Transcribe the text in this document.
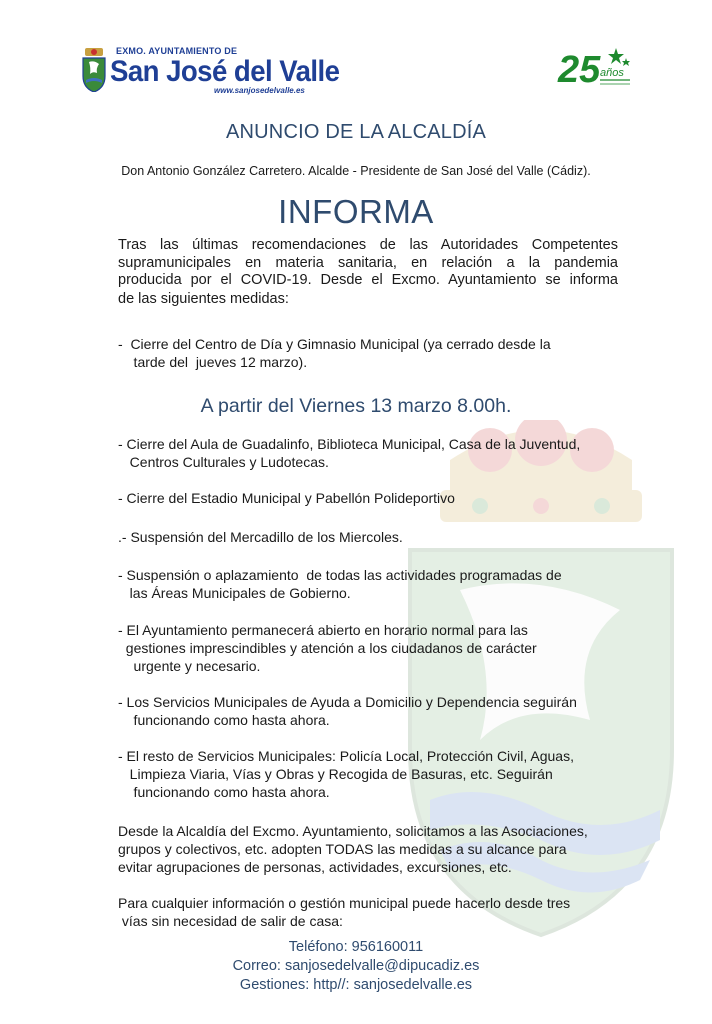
EXMO. AYUNTAMIENTO DE
San José del Valle
www.sanjosedelvalle.es	25 años
ANUNCIO DE LA ALCALDÍA
Don Antonio González Carretero. Alcalde - Presidente de San José del Valle (Cádiz).
INFORMA
Tras las últimas recomendaciones de las Autoridades Competentes
supramunicipales en materia sanitaria, en relación a la pandemia
producida por el COVID-19. Desde el Excmo. Ayuntamiento se informa
de las siguientes medidas:
-  Cierre del Centro de Día y Gimnasio Municipal (ya cerrado desde la
tarde del  jueves 12 marzo).
A partir del Viernes 13 marzo 8.00h.
- Cierre del Aula de Guadalinfo, Biblioteca Municipal, Casa de la Juventud,
Centros Culturales y Ludotecas.
- Cierre del Estadio Municipal y Pabellón Polideportivo
.- Suspensión del Mercadillo de los Miercoles.
- Suspensión o aplazamiento  de todas las actividades programadas de
las Áreas Municipales de Gobierno.
- El Ayuntamiento permanecerá abierto en horario normal para las
gestiones imprescindibles y atención a los ciudadanos de carácter
urgente y necesario.
- Los Servicios Municipales de Ayuda a Domicilio y Dependencia seguirán
funcionando como hasta ahora.
- El resto de Servicios Municipales: Policía Local, Protección Civil, Aguas,
Limpieza Viaria, Vías y Obras y Recogida de Basuras, etc. Seguirán
funcionando como hasta ahora.
Desde la Alcaldía del Excmo. Ayuntamiento, solicitamos a las Asociaciones,
grupos y colectivos, etc. adopten TODAS las medidas a su alcance para
evitar agrupaciones de personas, actividades, excursiones, etc.
Para cualquier información o gestión municipal puede hacerlo desde tres
vías sin necesidad de salir de casa:
Teléfono: 956160011
Correo: sanjosedelvalle@dipucadiz.es
Gestiones: http//: sanjosedelvalle.es
